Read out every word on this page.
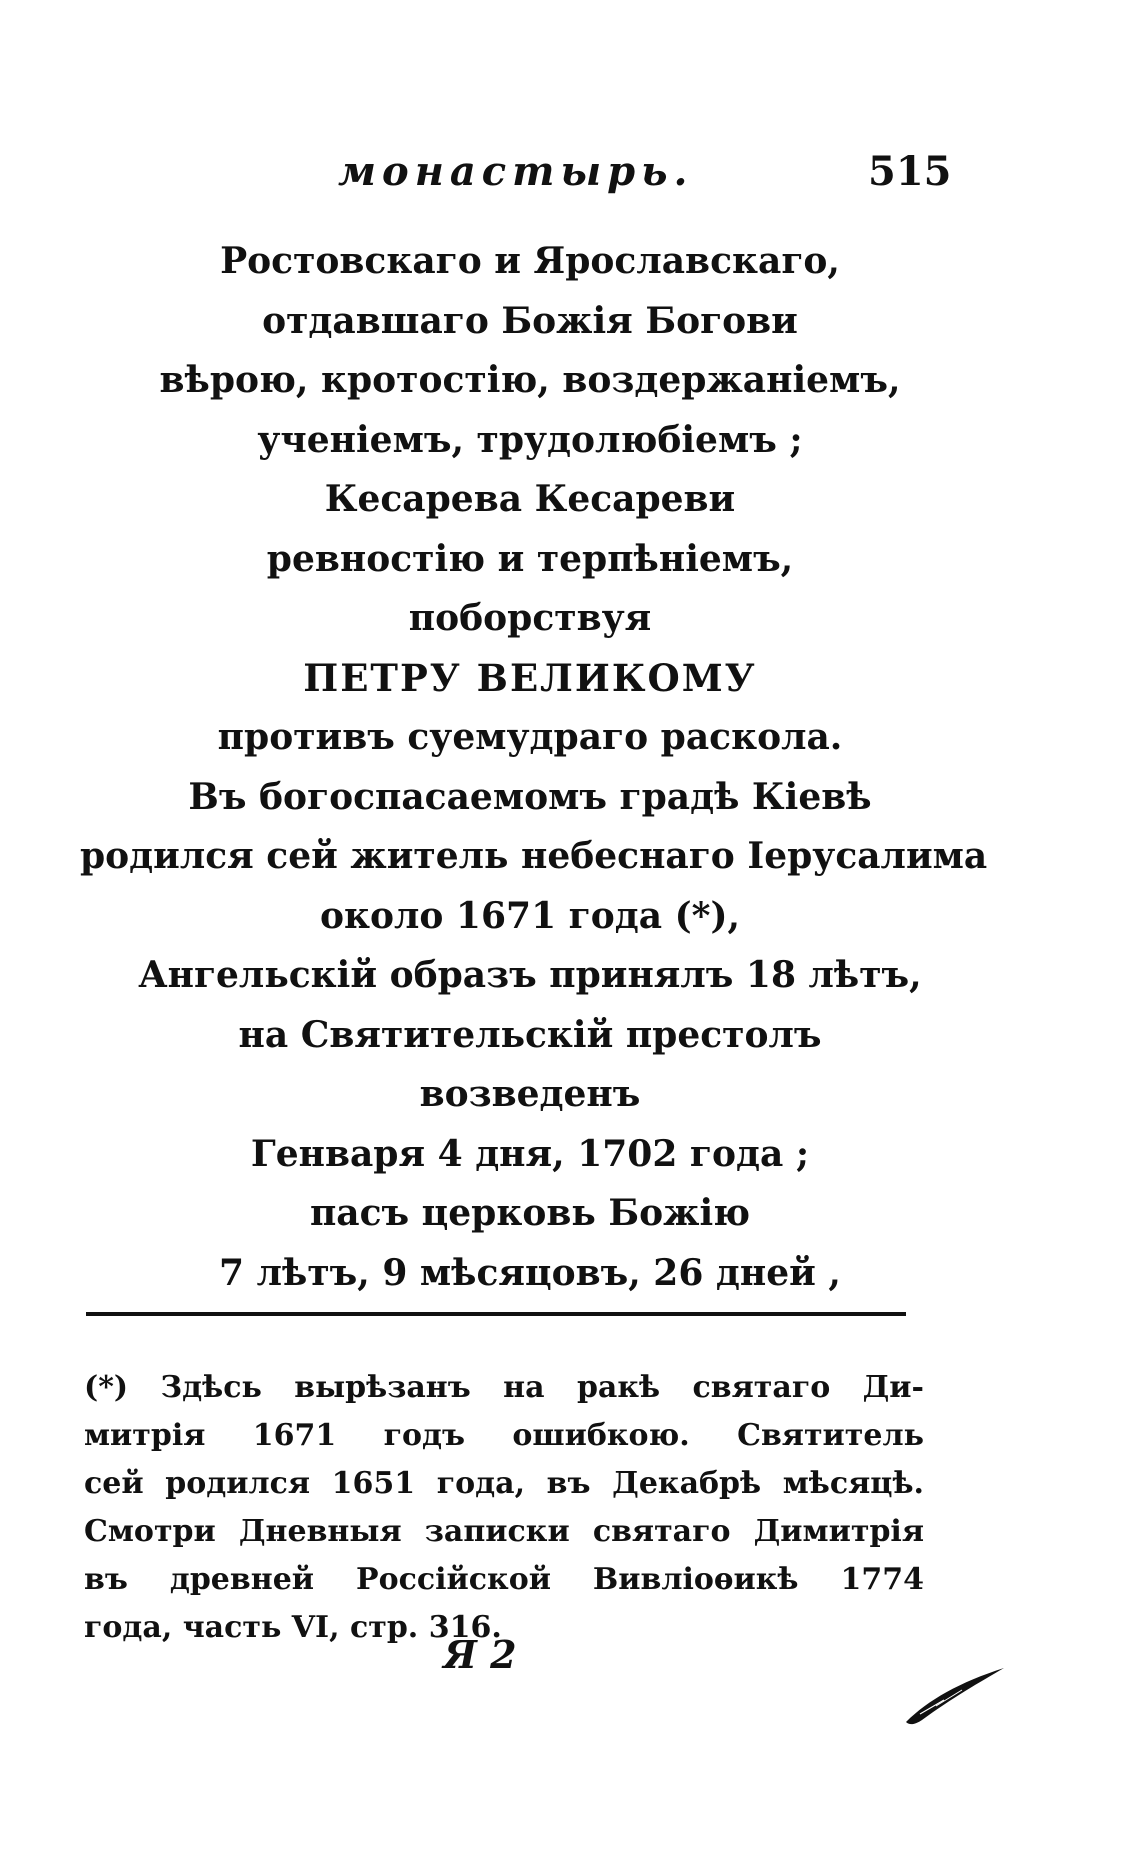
монастырь.	515
Ростовскаго и Ярославскаго,
отдавшаго Божія Богови
вѣрою, кротостію, воздержаніемъ,
ученіемъ, трудолюбіемъ ;
Кесарева Кесареви
ревностію и терпѣніемъ,
поборствуя
ПЕТРУ ВЕЛИКОМУ
противъ суемудраго раскола.
Въ богоспасаемомъ градѣ Кіевѣ
родился сей житель небеснаго Іерусалима
около 1671 года (*),
Ангельскій образъ принялъ 18 лѣтъ,
на Святительскій престолъ
возведенъ
Генваря 4 дня, 1702 года ;
пасъ церковь Божію
7 лѣтъ, 9 мѣсяцовъ, 26 дней ,
(*) Здѣсь вырѣзанъ на ракѣ святаго Ди-
митрія 1671 годъ ошибкою. Святитель
сей родился 1651 года, въ Декабрѣ мѣсяцѣ.
Смотри Дневныя записки святаго Димитрія
въ древней Россійской Вивліоѳикѣ 1774
года, часть VI, стр. 316.
Я 2
